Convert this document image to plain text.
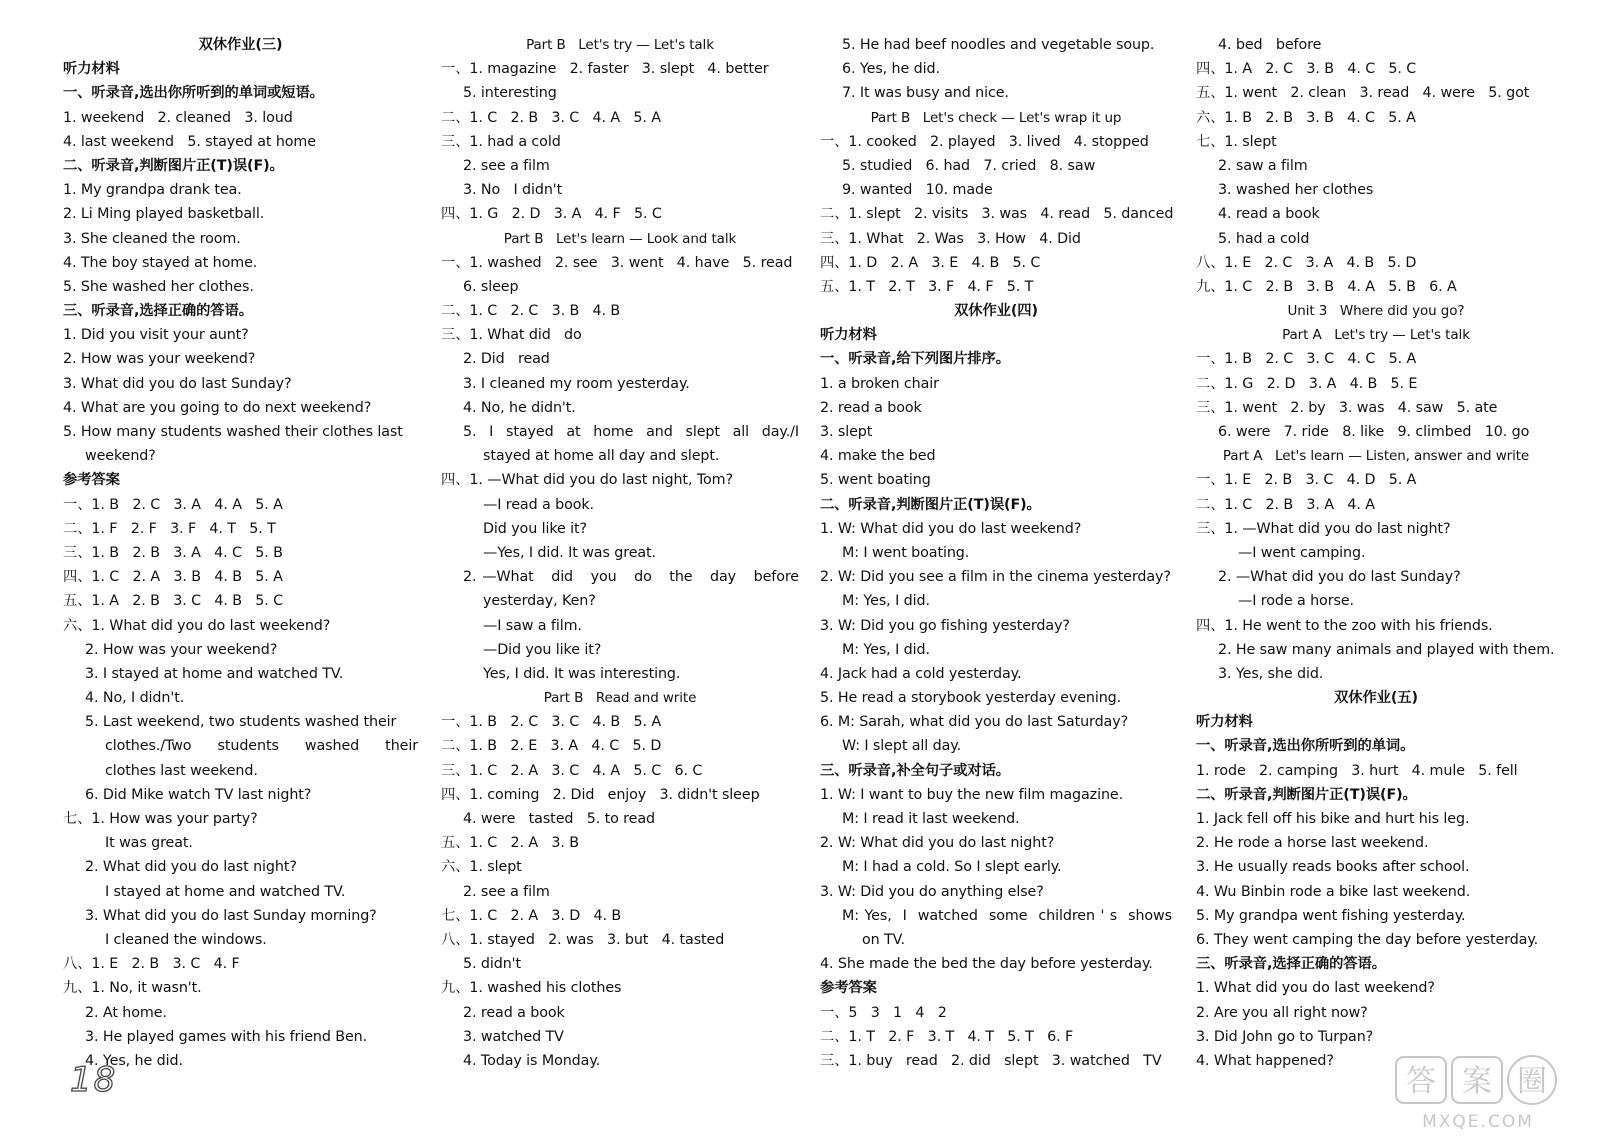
双休作业(三)
听力材料
一、听录音,选出你所听到的单词或短语。
1. weekend   2. cleaned   3. loud
4. last weekend   5. stayed at home
二、听录音,判断图片正(T)误(F)。
1. My grandpa drank tea.
2. Li Ming played basketball.
3. She cleaned the room.
4. The boy stayed at home.
5. She washed her clothes.
三、听录音,选择正确的答语。
1. Did you visit your aunt?
2. How was your weekend?
3. What did you do last Sunday?
4. What are you going to do next weekend?
5. How many students washed their clothes last
weekend?
参考答案
一、1. B   2. C   3. A   4. A   5. A
二、1. F   2. F   3. F   4. T   5. T
三、1. B   2. B   3. A   4. C   5. B
四、1. C   2. A   3. B   4. B   5. A
五、1. A   2. B   3. C   4. B   5. C
六、1. What did you do last weekend?
2. How was your weekend?
3. I stayed at home and watched TV.
4. No, I didn't.
5. Last weekend, two students washed their
clothes./Two   students   washed   their
clothes last weekend.
6. Did Mike watch TV last night?
七、1. How was your party?
It was great.
2. What did you do last night?
I stayed at home and watched TV.
3. What did you do last Sunday morning?
I cleaned the windows.
八、1. E   2. B   3. C   4. F
九、1. No, it wasn't.
2. At home.
3. He played games with his friend Ben.
4. Yes, he did.
Part B   Let's try — Let's talk
一、1. magazine   2. faster   3. slept   4. better
5. interesting
二、1. C   2. B   3. C   4. A   5. A
三、1. had a cold
2. see a film
3. No   I didn't
四、1. G   2. D   3. A   4. F   5. C
Part B   Let's learn — Look and talk
一、1. washed   2. see   3. went   4. have   5. read
6. sleep
二、1. C   2. C   3. B   4. B
三、1. What did   do
2. Did   read
3. I cleaned my room yesterday.
4. No, he didn't.
5.  I  stayed  at  home  and  slept  all  day./I
stayed at home all day and slept.
四、1. —What did you do last night, Tom?
—I read a book.
Did you like it?
—Yes, I did. It was great.
2. —What   did   you   do   the   day   before
yesterday, Ken?
—I saw a film.
—Did you like it?
Yes, I did. It was interesting.
Part B   Read and write
一、1. B   2. C   3. C   4. B   5. A
二、1. B   2. E   3. A   4. C   5. D
三、1. C   2. A   3. C   4. A   5. C   6. C
四、1. coming   2. Did   enjoy   3. didn't sleep
4. were   tasted   5. to read
五、1. C   2. A   3. B
六、1. slept
2. see a film
七、1. C   2. A   3. D   4. B
八、1. stayed   2. was   3. but   4. tasted
5. didn't
九、1. washed his clothes
2. read a book
3. watched TV
4. Today is Monday.
5. He had beef noodles and vegetable soup.
6. Yes, he did.
7. It was busy and nice.
Part B   Let's check — Let's wrap it up
一、1. cooked   2. played   3. lived   4. stopped
5. studied   6. had   7. cried   8. saw
9. wanted   10. made
二、1. slept   2. visits   3. was   4. read   5. danced
三、1. What   2. Was   3. How   4. Did
四、1. D   2. A   3. E   4. B   5. C
五、1. T   2. T   3. F   4. F   5. T
双休作业(四)
听力材料
一、听录音,给下列图片排序。
1. a broken chair
2. read a book
3. slept
4. make the bed
5. went boating
二、听录音,判断图片正(T)误(F)。
1. W: What did you do last weekend?
M: I went boating.
2. W: Did you see a film in the cinema yesterday?
M: Yes, I did.
3. W: Did you go fishing yesterday?
M: Yes, I did.
4. Jack had a cold yesterday.
5. He read a storybook yesterday evening.
6. M: Sarah, what did you do last Saturday?
W: I slept all day.
三、听录音,补全句子或对话。
1. W: I want to buy the new film magazine.
M: I read it last weekend.
2. W: What did you do last night?
M: I had a cold. So I slept early.
3. W: Did you do anything else?
M: Yes,  I  watched  some  children ' s  shows
on TV.
4. She made the bed the day before yesterday.
参考答案
一、5   3   1   4   2
二、1. T   2. F   3. T   4. T   5. T   6. F
三、1. buy   read   2. did   slept   3. watched   TV
4. bed   before
四、1. A   2. C   3. B   4. C   5. C
五、1. went   2. clean   3. read   4. were   5. got
六、1. B   2. B   3. B   4. C   5. A
七、1. slept
2. saw a film
3. washed her clothes
4. read a book
5. had a cold
八、1. E   2. C   3. A   4. B   5. D
九、1. C   2. B   3. B   4. A   5. B   6. A
Unit 3   Where did you go?
Part A   Let's try — Let's talk
一、1. B   2. C   3. C   4. C   5. A
二、1. G   2. D   3. A   4. B   5. E
三、1. went   2. by   3. was   4. saw   5. ate
6. were   7. ride   8. like   9. climbed   10. go
Part A   Let's learn — Listen, answer and write
一、1. E   2. B   3. C   4. D   5. A
二、1. C   2. B   3. A   4. A
三、1. —What did you do last night?
—I went camping.
2. —What did you do last Sunday?
—I rode a horse.
四、1. He went to the zoo with his friends.
2. He saw many animals and played with them.
3. Yes, she did.
双休作业(五)
听力材料
一、听录音,选出你所听到的单词。
1. rode   2. camping   3. hurt   4. mule   5. fell
二、听录音,判断图片正(T)误(F)。
1. Jack fell off his bike and hurt his leg.
2. He rode a horse last weekend.
3. He usually reads books after school.
4. Wu Binbin rode a bike last weekend.
5. My grandpa went fishing yesterday.
6. They went camping the day before yesterday.
三、听录音,选择正确的答语。
1. What did you do last weekend?
2. Are you all right now?
3. Did John go to Turpan?
4. What happened?
18	答 案 圈
MXQE.COM
